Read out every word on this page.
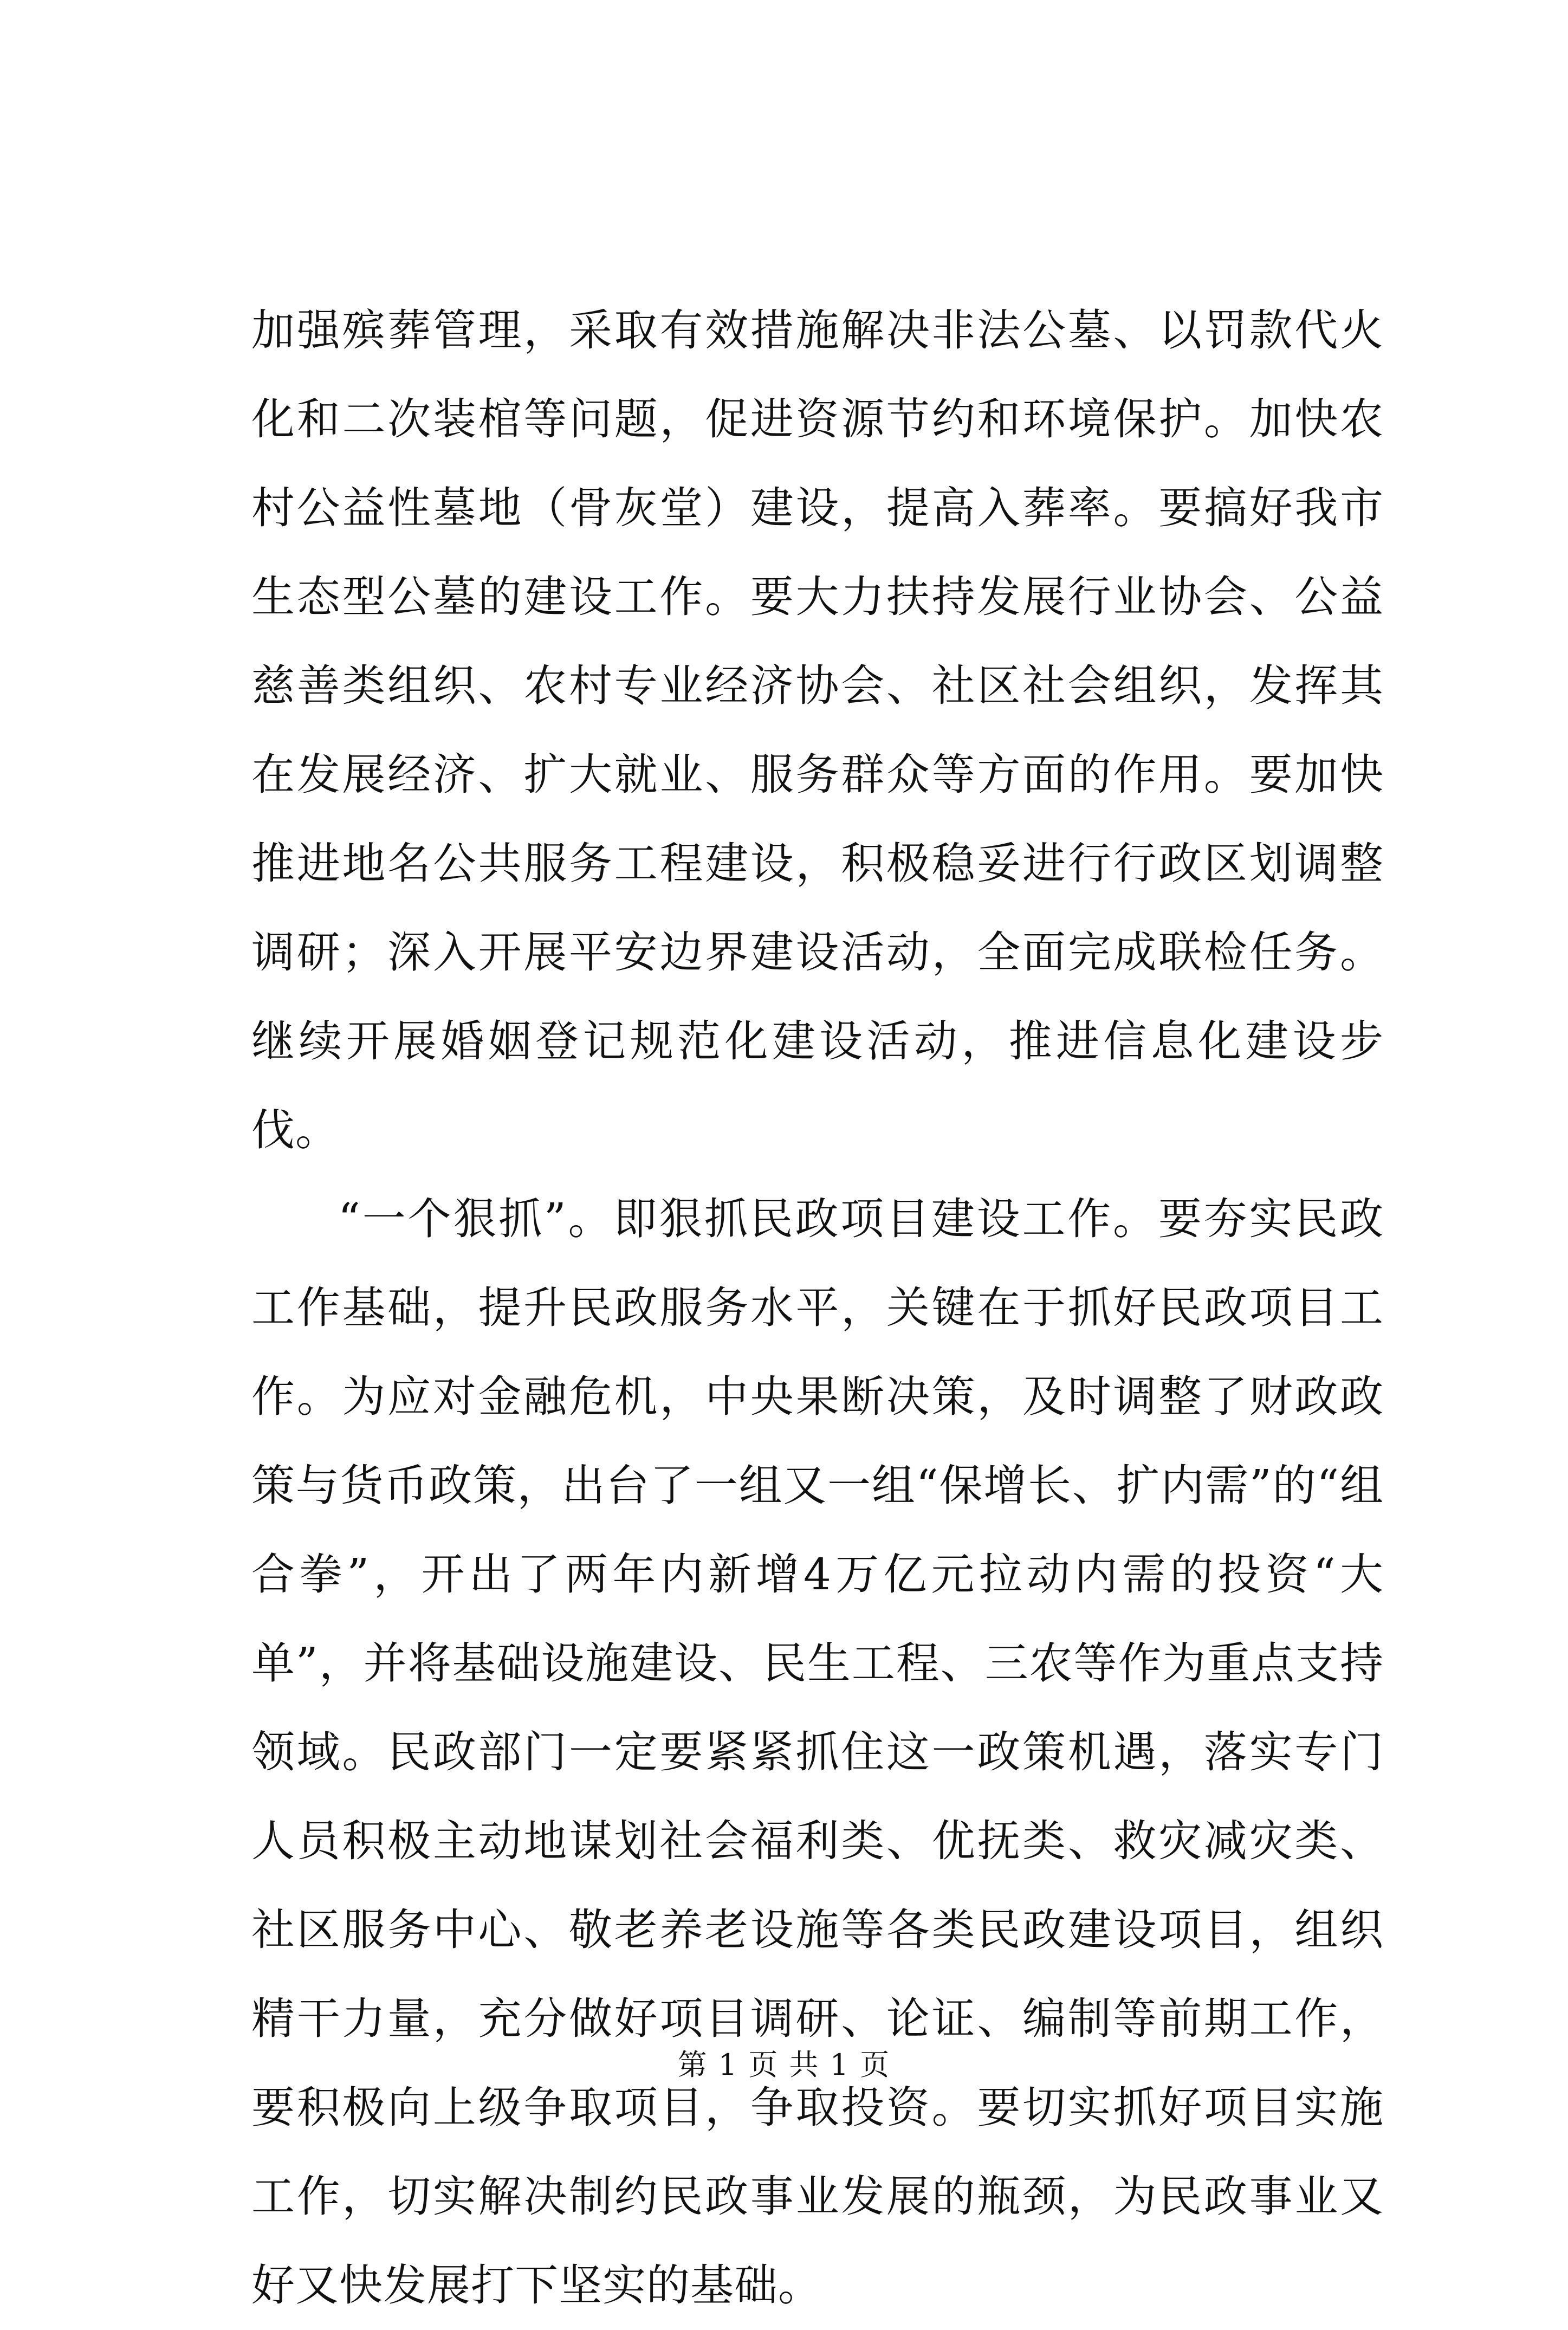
加强殡葬管理，采取有效措施解决非法公墓、以罚款代火化和二次装棺等问题，促进资源节约和环境保护。加快农村公益性墓地（骨灰堂）建设，提高入葬率。要搞好我市生态型公墓的建设工作。要大力扶持发展行业协会、公益慈善类组织、农村专业经济协会、社区社会组织，发挥其在发展经济、扩大就业、服务群众等方面的作用。要加快推进地名公共服务工程建设，积极稳妥进行行政区划调整调研；深入开展平安边界建设活动，全面完成联检任务。继续开展婚姻登记规范化建设活动，推进信息化建设步伐。

“一个狠抓”。即狠抓民政项目建设工作。要夯实民政工作基础，提升民政服务水平，关键在于抓好民政项目工作。为应对金融危机，中央果断决策，及时调整了财政政策与货币政策，出台了一组又一组“保增长、扩内需”的“组合拳”，开出了两年内新增4万亿元拉动内需的投资“大单”，并将基础设施建设、民生工程、三农等作为重点支持领域。民政部门一定要紧紧抓住这一政策机遇，落实专门人员积极主动地谋划社会福利类、优抚类、救灾减灾类、社区服务中心、敬老养老设施等各类民政建设项目，组织精干力量，充分做好项目调研、论证、编制等前期工作，要积极向上级争取项目，争取投资。要切实抓好项目实施工作，切实解决制约民政事业发展的瓶颈，为民政事业又好又快发展打下坚实的基础。

第 1 页 共 1 页
